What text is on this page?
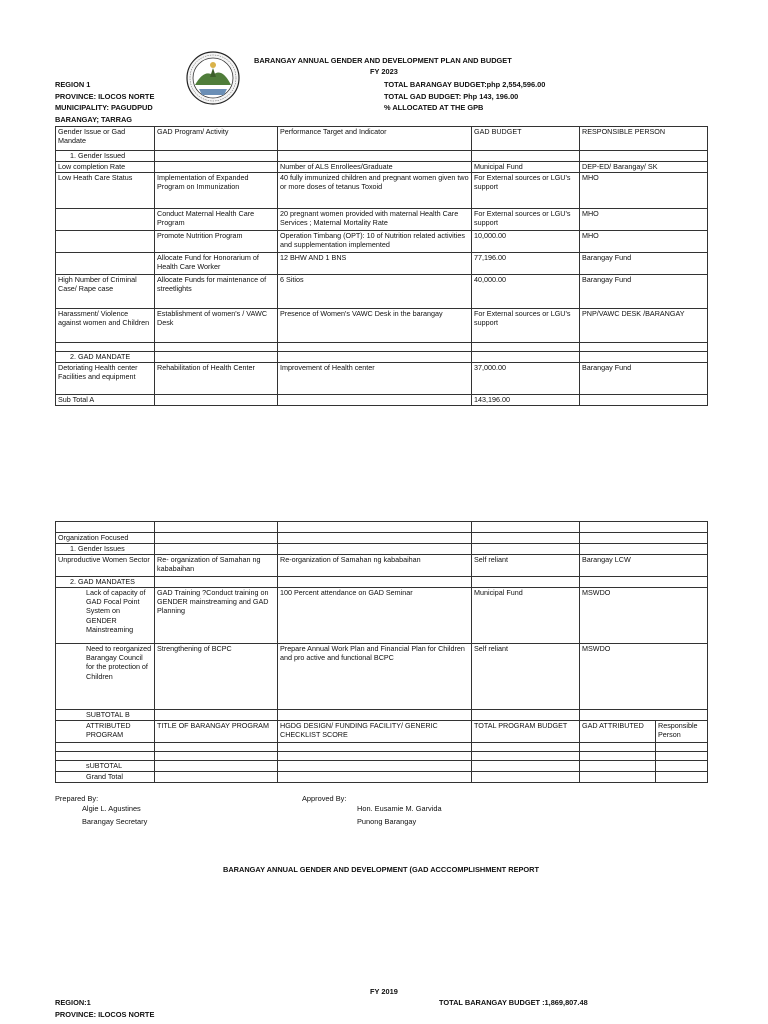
BARANGAY ANNUAL GENDER AND DEVELOPMENT PLAN AND BUDGET
FY 2023
REGION 1	TOTAL BARANGAY BUDGET:php 2,554,596.00
PROVINCE: ILOCOS NORTE	TOTAL GAD BUDGET: Php 143, 196.00
MUNICIPALITY: PAGUDPUD	% ALLOCATED AT THE GPB
BARANGAY; TARRAG
Gender Issue or Gad Mandate	GAD Program/ Activity	Performance Target and Indicator	GAD BUDGET	RESPONSIBLE PERSON
1. Gender Issued				
Low completion Rate		Number of ALS Enrollees/Graduate	Municipal Fund	DEP-ED/ Barangay/ SK
Low Heath Care Status	Implementation of Expanded Program on Immunization	40 fully immunized children and pregnant women given two or more doses of tetanus Toxoid	For External sources or LGU's support	MHO
	Conduct Maternal Health Care Program	20 pregnant women provided with maternal Health Care Services ; Maternal Mortality Rate	For External sources or LGU's support	MHO
	Promote Nutrition Program	Operation Timbang (OPT): 10 of Nutrition related activities and supplementation implemented	10,000.00	MHO
	Allocate Fund for Honorarium of Health Care Worker	12 BHW AND 1 BNS	77,196.00	Barangay Fund
High Number of Criminal Case/ Rape case	Allocate Funds for maintenance of streetlights	6 Sitios	40,000.00	Barangay Fund
Harassment/ Violence against women and Children	Establishment of women's / VAWC Desk	Presence of Women's VAWC Desk in the barangay	For External sources or LGU's support	PNP/VAWC DESK /BARANGAY

2. GAD MANDATE				
Detoriating Health center Facilities and equipment	Rehabilitation of Health Center	Improvement of Health center	37,000.00	Barangay Fund
Sub Total A			143,196.00	

Organization Focused					
1. Gender Issues					
Unproductive Women Sector	Re- organization of Samahan ng kababaihan	Re-organization of Samahan ng kababaihan	Self reliant	Barangay LCW	
2. GAD MANDATES					
Lack of capacity of GAD Focal Point System on GENDER Mainstreaming	GAD Training ?Conduct training on GENDER mainstreaming and GAD Planning	100 Percent attendance on GAD Seminar	Municipal Fund	MSWDO	
Need to reorganized Barangay Council for the protection of Children	Strengthening of BCPC	Prepare Annual Work Plan and Financial Plan for Children and pro active and functional BCPC	Self reliant	MSWDO	
SUBTOTAL B					
ATTRIBUTED PROGRAM	TITLE OF BARANGAY PROGRAM	HGDG DESIGN/ FUNDING FACILITY/ GENERIC CHECKLIST SCORE	TOTAL PROGRAM BUDGET	GAD ATTRIBUTED	Responsible Person

sUBTOTAL					
Grand Total					
Prepared By:
Algie L. Agustines
Barangay Secretary
Approved By:
Hon. Eusamie M. Garvida
Punong Barangay
BARANGAY ANNUAL GENDER AND DEVELOPMENT (GAD ACCCOMPLISHMENT REPORT
FY 2019
REGION:1	TOTAL BARANGAY BUDGET :1,869,807.48
PROVINCE: ILOCOS NORTE
